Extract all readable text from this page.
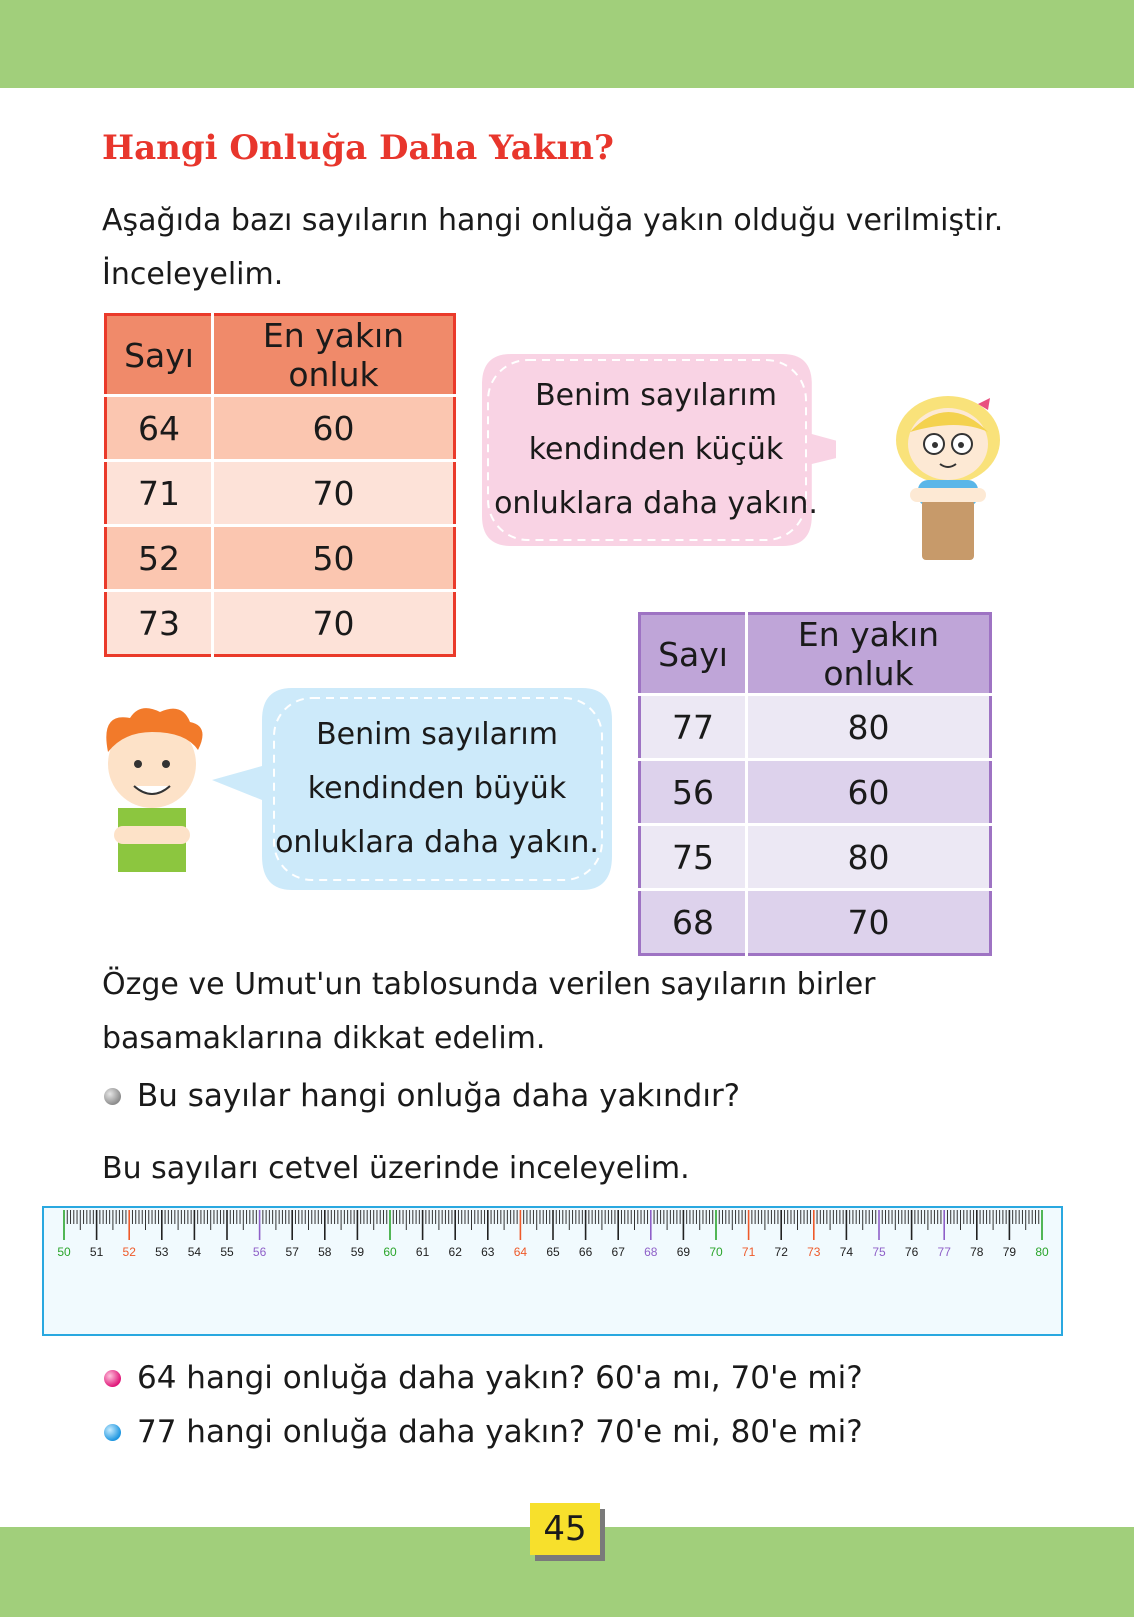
Hangi Onluğa Daha Yakın?

Aşağıda bazı sayıların hangi onluğa yakın olduğu verilmiştir. İnceleyelim.

Sayı	En yakın onluk
64	60
71	70
52	50
73	70
Benim sayılarım
kendinden küçük
onluklara daha yakın.
Benim sayılarım
kendinden büyük
onluklara daha yakın.
Sayı	En yakın onluk
77	80
56	60
75	80
68	70

Özge ve Umut'un tablosunda verilen sayıların birler basamaklarına dikkat edelim.

Bu sayılar hangi onluğa daha yakındır?

Bu sayıları cetvel üzerinde inceleyelim.

50 51 52 53 54 55 56 57 58 59 60 61 62 63 64 65 66 67 68 69 70 71 72 73 74 75 76 77 78 79 80
64 hangi onluğa daha yakın? 60'a mı, 70'e mi?
77 hangi onluğa daha yakın? 70'e mi, 80'e mi?
45
